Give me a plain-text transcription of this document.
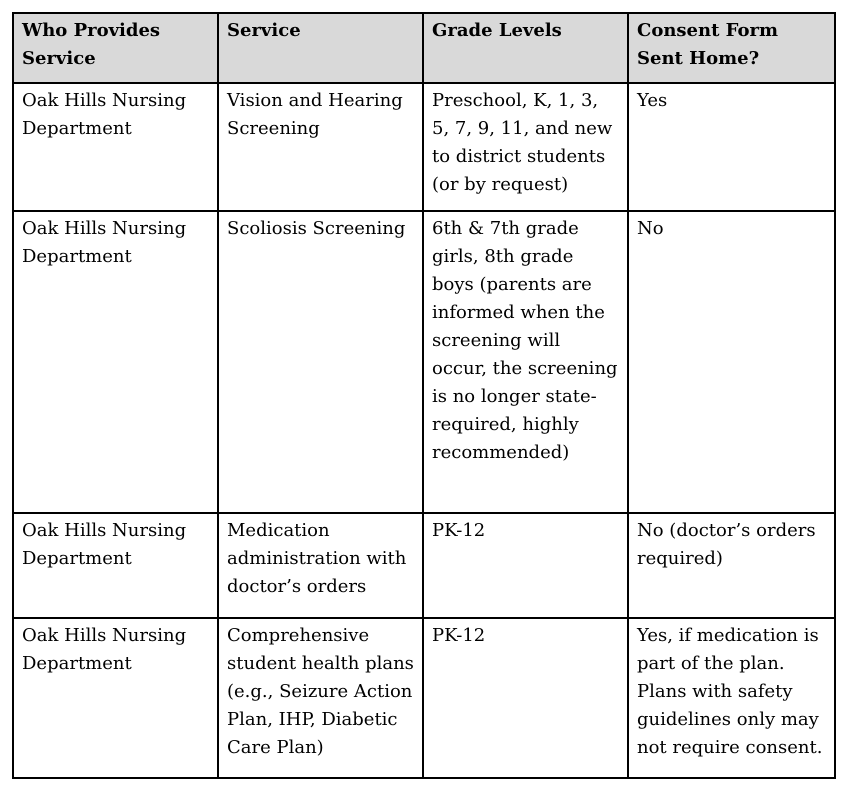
Who Provides Service	Service	Grade Levels	Consent Form Sent Home?
Oak Hills Nursing Department	Vision and Hearing Screening	Preschool, K, 1, 3, 5, 7, 9, 11, and new to district students (or by request)	Yes
Oak Hills Nursing Department	Scoliosis Screening	6th & 7th grade girls, 8th grade boys (parents are informed when the screening will occur, the screening is no longer state-required, highly recommended)	No
Oak Hills Nursing Department	Medication administration with doctor’s orders	PK-12	No (doctor’s orders required)
Oak Hills Nursing Department	Comprehensive student health plans (e.g., Seizure Action Plan, IHP, Diabetic Care Plan)	PK-12	Yes, if medication is part of the plan. Plans with safety guidelines only may not require consent.
